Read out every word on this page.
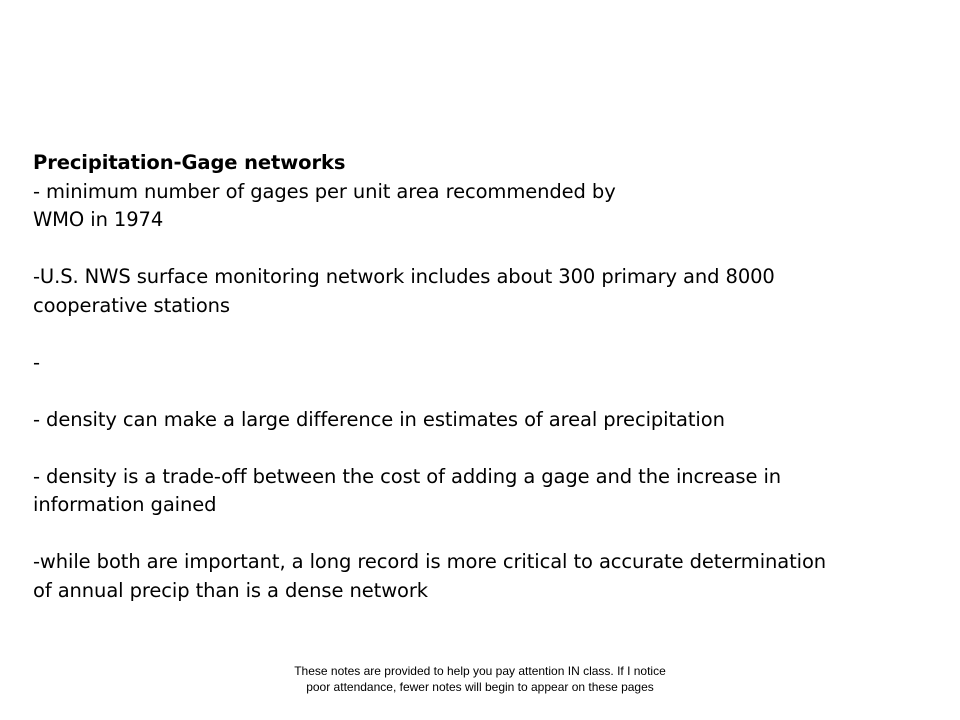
Precipitation-Gage networks
- minimum number of gages per unit area recommended by
WMO in 1974
-U.S. NWS surface monitoring network includes about 300 primary and 8000
cooperative stations
-
- density can make a large difference in estimates of areal precipitation
- density is a trade-off between the cost of adding a gage and the increase in
information gained
-while both are important, a long record is more critical to accurate determination
of annual precip than is a dense network
These notes are provided to help you pay attention IN class. If I notice
poor attendance, fewer notes will begin to appear on these pages
